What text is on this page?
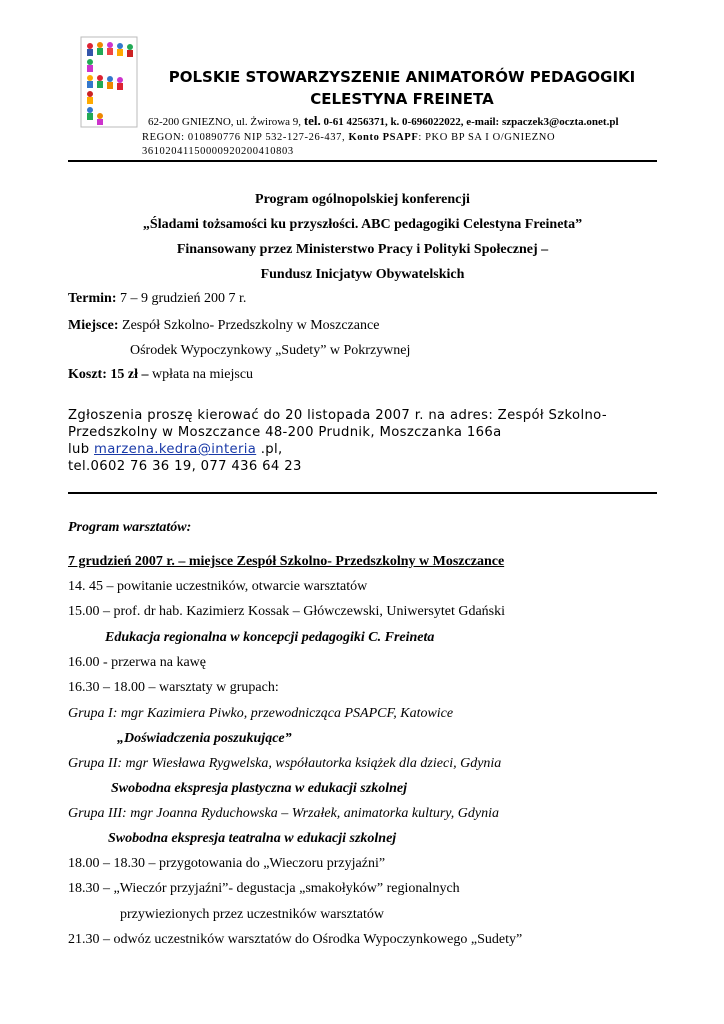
POLSKIE STOWARZYSZENIE ANIMATORÓW PEDAGOGIKI
CELESTYNA FREINETA
62-200 GNIEZNO, ul. Żwirowa 9, tel. 0-61 4256371, k. 0-696022022, e-mail: szpaczek3@oczta.onet.pl
REGON: 010890776 NIP 532-127-26-437, Konto PSAPF: PKO BP SA I O/GNIEZNO
36102041150000920200410803
Program ogólnopolskiej konferencji
„Śladami tożsamości ku przyszłości. ABC pedagogiki Celestyna Freineta”
Finansowany przez Ministerstwo Pracy i Polityki Społecznej –
Fundusz Inicjatyw Obywatelskich
Termin: 7 – 9 grudzień 200 7 r.
Miejsce: Zespół Szkolno- Przedszkolny w Moszczance
Ośrodek Wypoczynkowy „Sudety” w Pokrzywnej
Koszt: 15 zł – wpłata na miejscu
Zgłoszenia proszę kierować do 20 listopada 2007 r. na adres: Zespół Szkolno-
Przedszkolny w Moszczance 48-200 Prudnik, Moszczanka 166a
lub marzena.kedra@interia .pl,
tel.0602 76 36 19, 077 436 64 23
Program warsztatów:
7 grudzień 2007 r. – miejsce Zespół Szkolno- Przedszkolny w Moszczance
14. 45 – powitanie uczestników, otwarcie warsztatów
15.00 – prof. dr hab. Kazimierz Kossak – Główczewski, Uniwersytet Gdański
Edukacja regionalna w koncepcji pedagogiki C. Freineta
16.00 - przerwa na kawę
16.30 – 18.00 – warsztaty w grupach:
Grupa I: mgr Kazimiera Piwko, przewodnicząca PSAPCF, Katowice
„Doświadczenia poszukujące”
Grupa II: mgr Wiesława Rygwelska, współautorka książek dla dzieci, Gdynia
Swobodna ekspresja plastyczna w edukacji szkolnej
Grupa III: mgr Joanna Ryduchowska – Wrzałek, animatorka kultury, Gdynia
Swobodna ekspresja teatralna w edukacji szkolnej
18.00 – 18.30 – przygotowania do „Wieczoru przyjaźni”
18.30 – „Wieczór przyjaźni”- degustacja „smakołyków” regionalnych
przywiezionych przez uczestników warsztatów
21.30 – odwóz uczestników warsztatów do Ośrodka Wypoczynkowego „Sudety”
